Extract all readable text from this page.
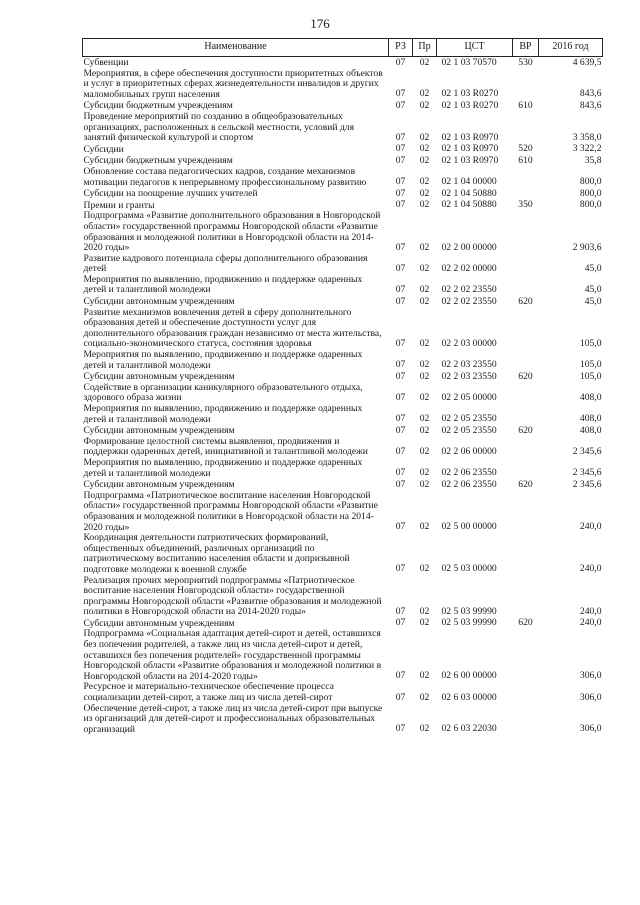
176
Наименование	РЗ	Пр	ЦСТ	ВР	2016 год
Субвенции	07	02	02 1 03 70570	530	4 639,5
Мероприятия, в сфере обеспечения доступности приоритетных объектов и услуг в приоритетных сферах жизнедеятельности инвалидов и других маломобильных групп населения	07	02	02 1 03 R0270		843,6
Субсидии бюджетным учреждениям	07	02	02 1 03 R0270	610	843,6
Проведение мероприятий по созданию в общеобразовательных организациях, расположенных в сельской местности, условий для занятий физической культурой и спортом	07	02	02 1 03 R0970		3 358,0
Субсидии	07	02	02 1 03 R0970	520	3 322,2
Субсидии бюджетным учреждениям	07	02	02 1 03 R0970	610	35,8
Обновление состава педагогических кадров, создание механизмов мотивации педагогов к непрерывному профессиональному развитию	07	02	02 1 04 00000		800,0
Субсидии на поощрение лучших учителей	07	02	02 1 04 50880		800,0
Премии и гранты	07	02	02 1 04 50880	350	800,0
Подпрограмма «Развитие дополнительного образования в Новгородской области» государственной программы Новгородской области «Развитие образования и молодежной политики в Новгородской области на 2014-2020 годы»	07	02	02 2 00 00000		2 903,6
Развитие кадрового потенциала сферы дополнительного образования детей	07	02	02 2 02 00000		45,0
Мероприятия по выявлению, продвижению и поддержке одаренных детей и талантливой молодежи	07	02	02 2 02 23550		45,0
Субсидии автономным учреждениям	07	02	02 2 02 23550	620	45,0
Развитие механизмов вовлечения детей в сферу дополнительного образования детей и обеспечение доступности услуг для дополнительного образования граждан независимо от места жительства, социально-экономического статуса, состояния здоровья	07	02	02 2 03 00000		105,0
Мероприятия по выявлению, продвижению и поддержке одаренных детей и талантливой молодежи	07	02	02 2 03 23550		105,0
Субсидии автономным учреждениям	07	02	02 2 03 23550	620	105,0
Содействие в организации каникулярного образовательного отдыха, здорового образа жизни	07	02	02 2 05 00000		408,0
Мероприятия по выявлению, продвижению и поддержке одаренных детей и талантливой молодежи	07	02	02 2 05 23550		408,0
Субсидии автономным учреждениям	07	02	02 2 05 23550	620	408,0
Формирование целостной системы выявления, продвижения и поддержки одаренных детей, инициативной и талантливой молодежи	07	02	02 2 06 00000		2 345,6
Мероприятия по выявлению, продвижению и поддержке одаренных детей и талантливой молодежи	07	02	02 2 06 23550		2 345,6
Субсидии автономным учреждениям	07	02	02 2 06 23550	620	2 345,6
Подпрограмма «Патриотическое воспитание населения Новгородской области» государственной программы Новгородской области «Развитие образования и молодежной политики в Новгородской области на 2014-2020 годы»	07	02	02 5 00 00000		240,0
Координация деятельности патриотических формирований, общественных объединений, различных организаций по патриотическому воспитанию населения области и допризывной подготовке молодежи к военной службе	07	02	02 5 03 00000		240,0
Реализация прочих мероприятий подпрограммы «Патриотическое воспитание населения Новгородской области» государственной программы Новгородской области «Развитие образования и молодежной политики в Новгородской области на 2014-2020 годы»	07	02	02 5 03 99990		240,0
Субсидии автономным учреждениям	07	02	02 5 03 99990	620	240,0
Подпрограмма «Социальная адаптация детей-сирот и детей, оставшихся без попечения родителей, а также лиц из числа детей-сирот и детей, оставшихся без попечения родителей» государственной программы Новгородской области «Развитие образования и молодежной политики в Новгородской области на 2014-2020 годы»	07	02	02 6 00 00000		306,0
Ресурсное и материально-техническое обеспечение процесса социализации детей-сирот, а также лиц из числа детей-сирот	07	02	02 6 03 00000		306,0
Обеспечение детей-сирот, а также лиц из числа детей-сирот при выпуске из организаций для детей-сирот и профессиональных образовательных организаций	07	02	02 6 03 22030		306,0
